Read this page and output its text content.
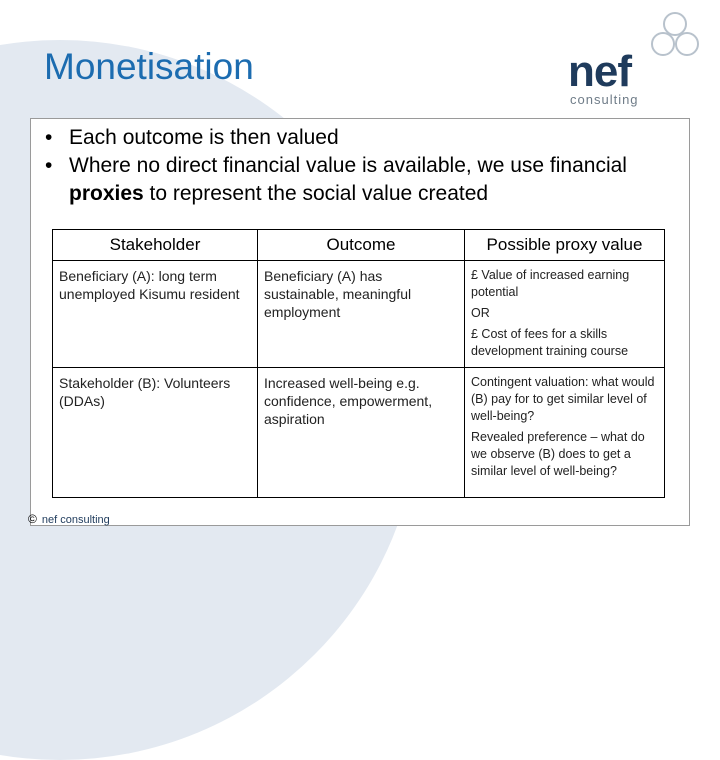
Monetisation	nef
consulting
• Each outcome is then valued
• Where no direct financial value is available, we use financial proxies to represent the social value created
Stakeholder	Outcome	Possible proxy value
Beneficiary (A): long term unemployed Kisumu resident	Beneficiary (A) has sustainable, meaningful employment	£ Value of increased earning potential
OR
£ Cost of fees for a skills development training course

Stakeholder (B): Volunteers (DDAs)	Increased well-being e.g. confidence, empowerment, aspiration	Contingent valuation: what would (B) pay for to get similar level of well-being?
Revealed preference – what do we observe (B) does to get a similar level of well-being?
© nef consulting
